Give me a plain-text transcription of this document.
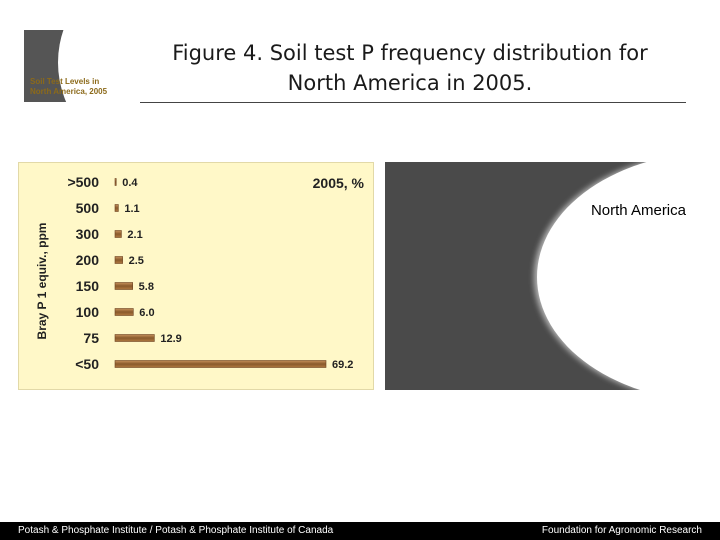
Soil Test Levels in
North America, 2005
Figure 4. Soil test P frequency distribution for North America in 2005.
Bray P 1 equiv., ppm
2005, %
>500 0.4
500 1.1
300	2.1
200	2.5
150	5.8
100	6.0
75	12.9
<50	69.2
North America
Potash & Phosphate Institute / Potash & Phosphate Institute of Canada	Foundation for Agronomic Research
